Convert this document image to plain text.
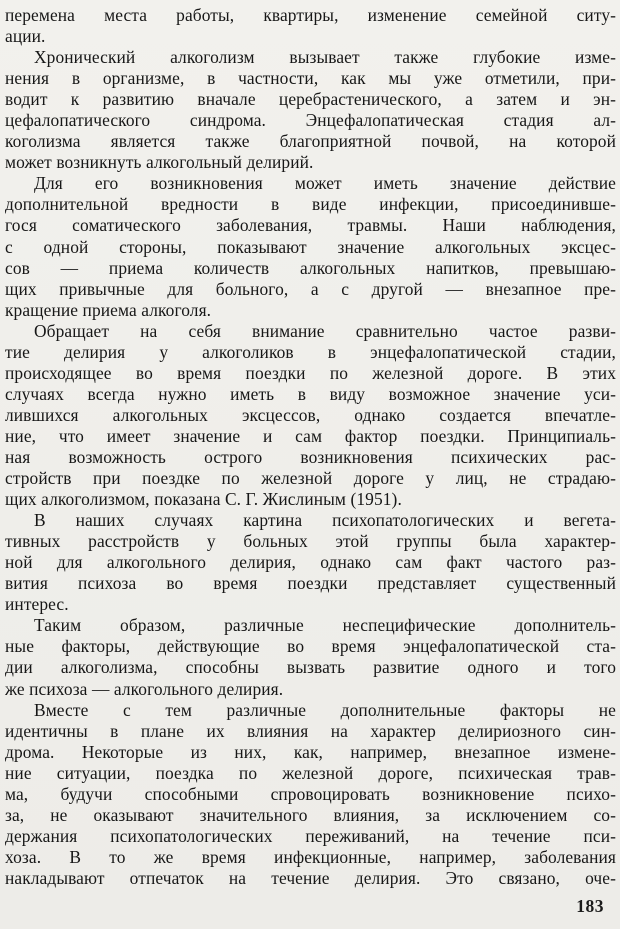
перемена места работы, квартиры, изменение семейной ситу-
ации.
Хронический алкоголизм вызывает также глубокие изме-
нения в организме, в частности, как мы уже отметили, при-
водит к развитию вначале церебрастенического, а затем и эн-
цефалопатического синдрома. Энцефалопатическая стадия ал-
коголизма является также благоприятной почвой, на которой
может возникнуть алкогольный делирий.
Для его возникновения может иметь значение действие
дополнительной вредности в виде инфекции, присоединивше-
гося соматического заболевания, травмы. Наши наблюдения,
с одной стороны, показывают значение алкогольных эксцес-
сов — приема количеств алкогольных напитков, превышаю-
щих привычные для больного, а с другой — внезапное пре-
кращение приема алкоголя.
Обращает на себя внимание сравнительно частое разви-
тие делирия у алкоголиков в энцефалопатической стадии,
происходящее во время поездки по железной дороге. В этих
случаях всегда нужно иметь в виду возможное значение уси-
лившихся алкогольных эксцессов, однако создается впечатле-
ние, что имеет значение и сам фактор поездки. Принципиаль-
ная возможность острого возникновения психических рас-
стройств при поездке по железной дороге у лиц, не страдаю-
щих алкоголизмом, показана С. Г. Жислиным (1951).
В наших случаях картина психопатологических и вегета-
тивных расстройств у больных этой группы была характер-
ной для алкогольного делирия, однако сам факт частого раз-
вития психоза во время поездки представляет существенный
интерес.
Таким образом, различные неспецифические дополнитель-
ные факторы, действующие во время энцефалопатической ста-
дии алкоголизма, способны вызвать развитие одного и того
же психоза — алкогольного делирия.
Вместе с тем различные дополнительные факторы не
идентичны в плане их влияния на характер делириозного син-
дрома. Некоторые из них, как, например, внезапное измене-
ние ситуации, поездка по железной дороге, психическая трав-
ма, будучи способными спровоцировать возникновение психо-
за, не оказывают значительного влияния, за исключением со-
держания психопатологических переживаний, на течение пси-
хоза. В то же время инфекционные, например, заболевания
накладывают отпечаток на течение делирия. Это связано, оче-
183
